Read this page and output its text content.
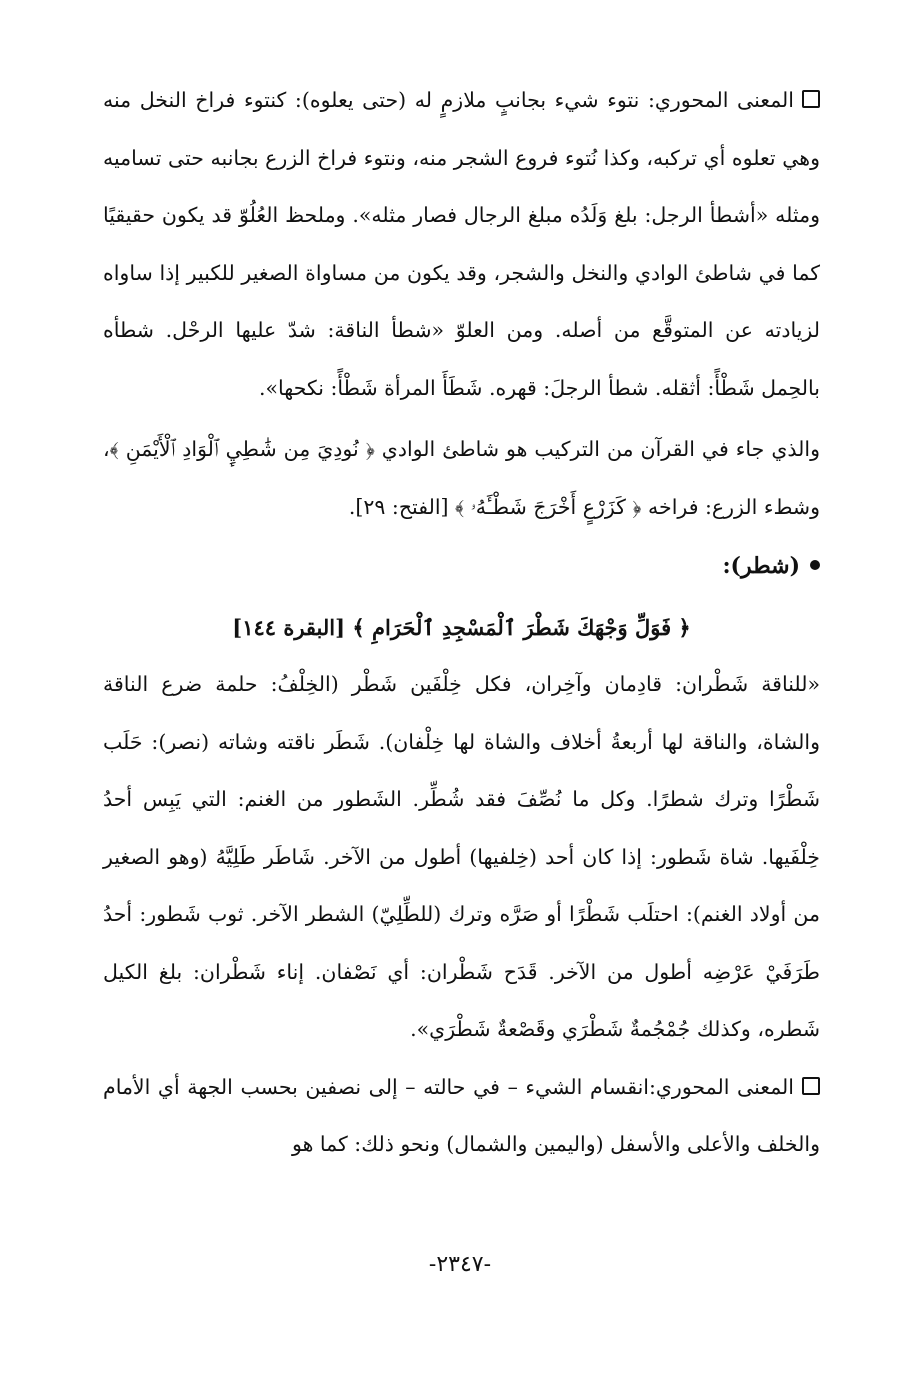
المعنى المحوري: نتوء شيء بجانبٍ ملازمٍ له (حتى يعلوه): كنتوء فراخ النخل منه وهي تعلوه أي تركبه، وكذا نُتوء فروع الشجر منه، ونتوء فراخ الزرع بجانبه حتى تساميه ومثله «أشطأ الرجل: بلغ وَلَدُه مبلغ الرجال فصار مثله». وملحظ العُلُوّ قد يكون حقيقيًا كما في شاطئ الوادي والنخل والشجر، وقد يكون من مساواة الصغير للكبير إذا ساواه لزيادته عن المتوقَّع من أصله. ومن العلوّ «شطأ الناقة: شدّ عليها الرحْل. شطأه بالحِمل شَطْأً: أثقله. شطأ الرجلَ: قهره. شَطَأَ المرأة شَطْأً: نكحها».

والذي جاء في القرآن من التركيب هو شاطئ الوادي ﴿ نُودِيَ مِن شَٰطِيِٕ ٱلْوَادِ ٱلْأَيْمَنِ ﴾، وشطء الزرع: فراخه ﴿ كَزَرْعٍ أَخْرَجَ شَطْـَٔهُۥ ﴾ [الفتح: ٢٩].

(شطر):

﴿ فَوَلِّ وَجْهَكَ شَطْرَ ٱلْمَسْجِدِ ٱلْحَرَامِ ﴾ [البقرة ١٤٤]

«للناقة شَطْران: قادِمان وآخِران، فكل خِلْفَين شَطْر (الخِلْفُ: حلمة ضرع الناقة والشاة، والناقة لها أربعةُ أخلاف والشاة لها خِلْفان). شَطَر ناقته وشاته (نصر): حَلَب شَطْرًا وترك شطرًا. وكل ما نُصِّفَ فقد شُطِّر. الشَطور من الغنم: التي يَبِس أحدُ خِلْفَيها. شاة شَطور: إذا كان أحد (خِلفيها) أطول من الآخر. شَاطَر طَلِيَّهُ (وهو الصغير من أولاد الغنم): احتلَب شَطْرًا أو صَرَّه وترك (للطِّلِيّ) الشطر الآخر. ثوب شَطور: أحدُ طَرَفَيْ عَرْضِه أطول من الآخر. قَدَح شَطْران: أي نَصْفان. إناء شَطْران: بلغ الكيل شَطره، وكذلك جُمْجُمةٌ شَطْرَي وقَصْعةٌ شَطْرَي».

المعنى المحوري:انقسام الشيء – في حالته – إلى نصفين بحسب الجهة أي الأمام والخلف والأعلى والأسفل (واليمين والشمال) ونحو ذلك: كما هو

-٢٣٤٧-
